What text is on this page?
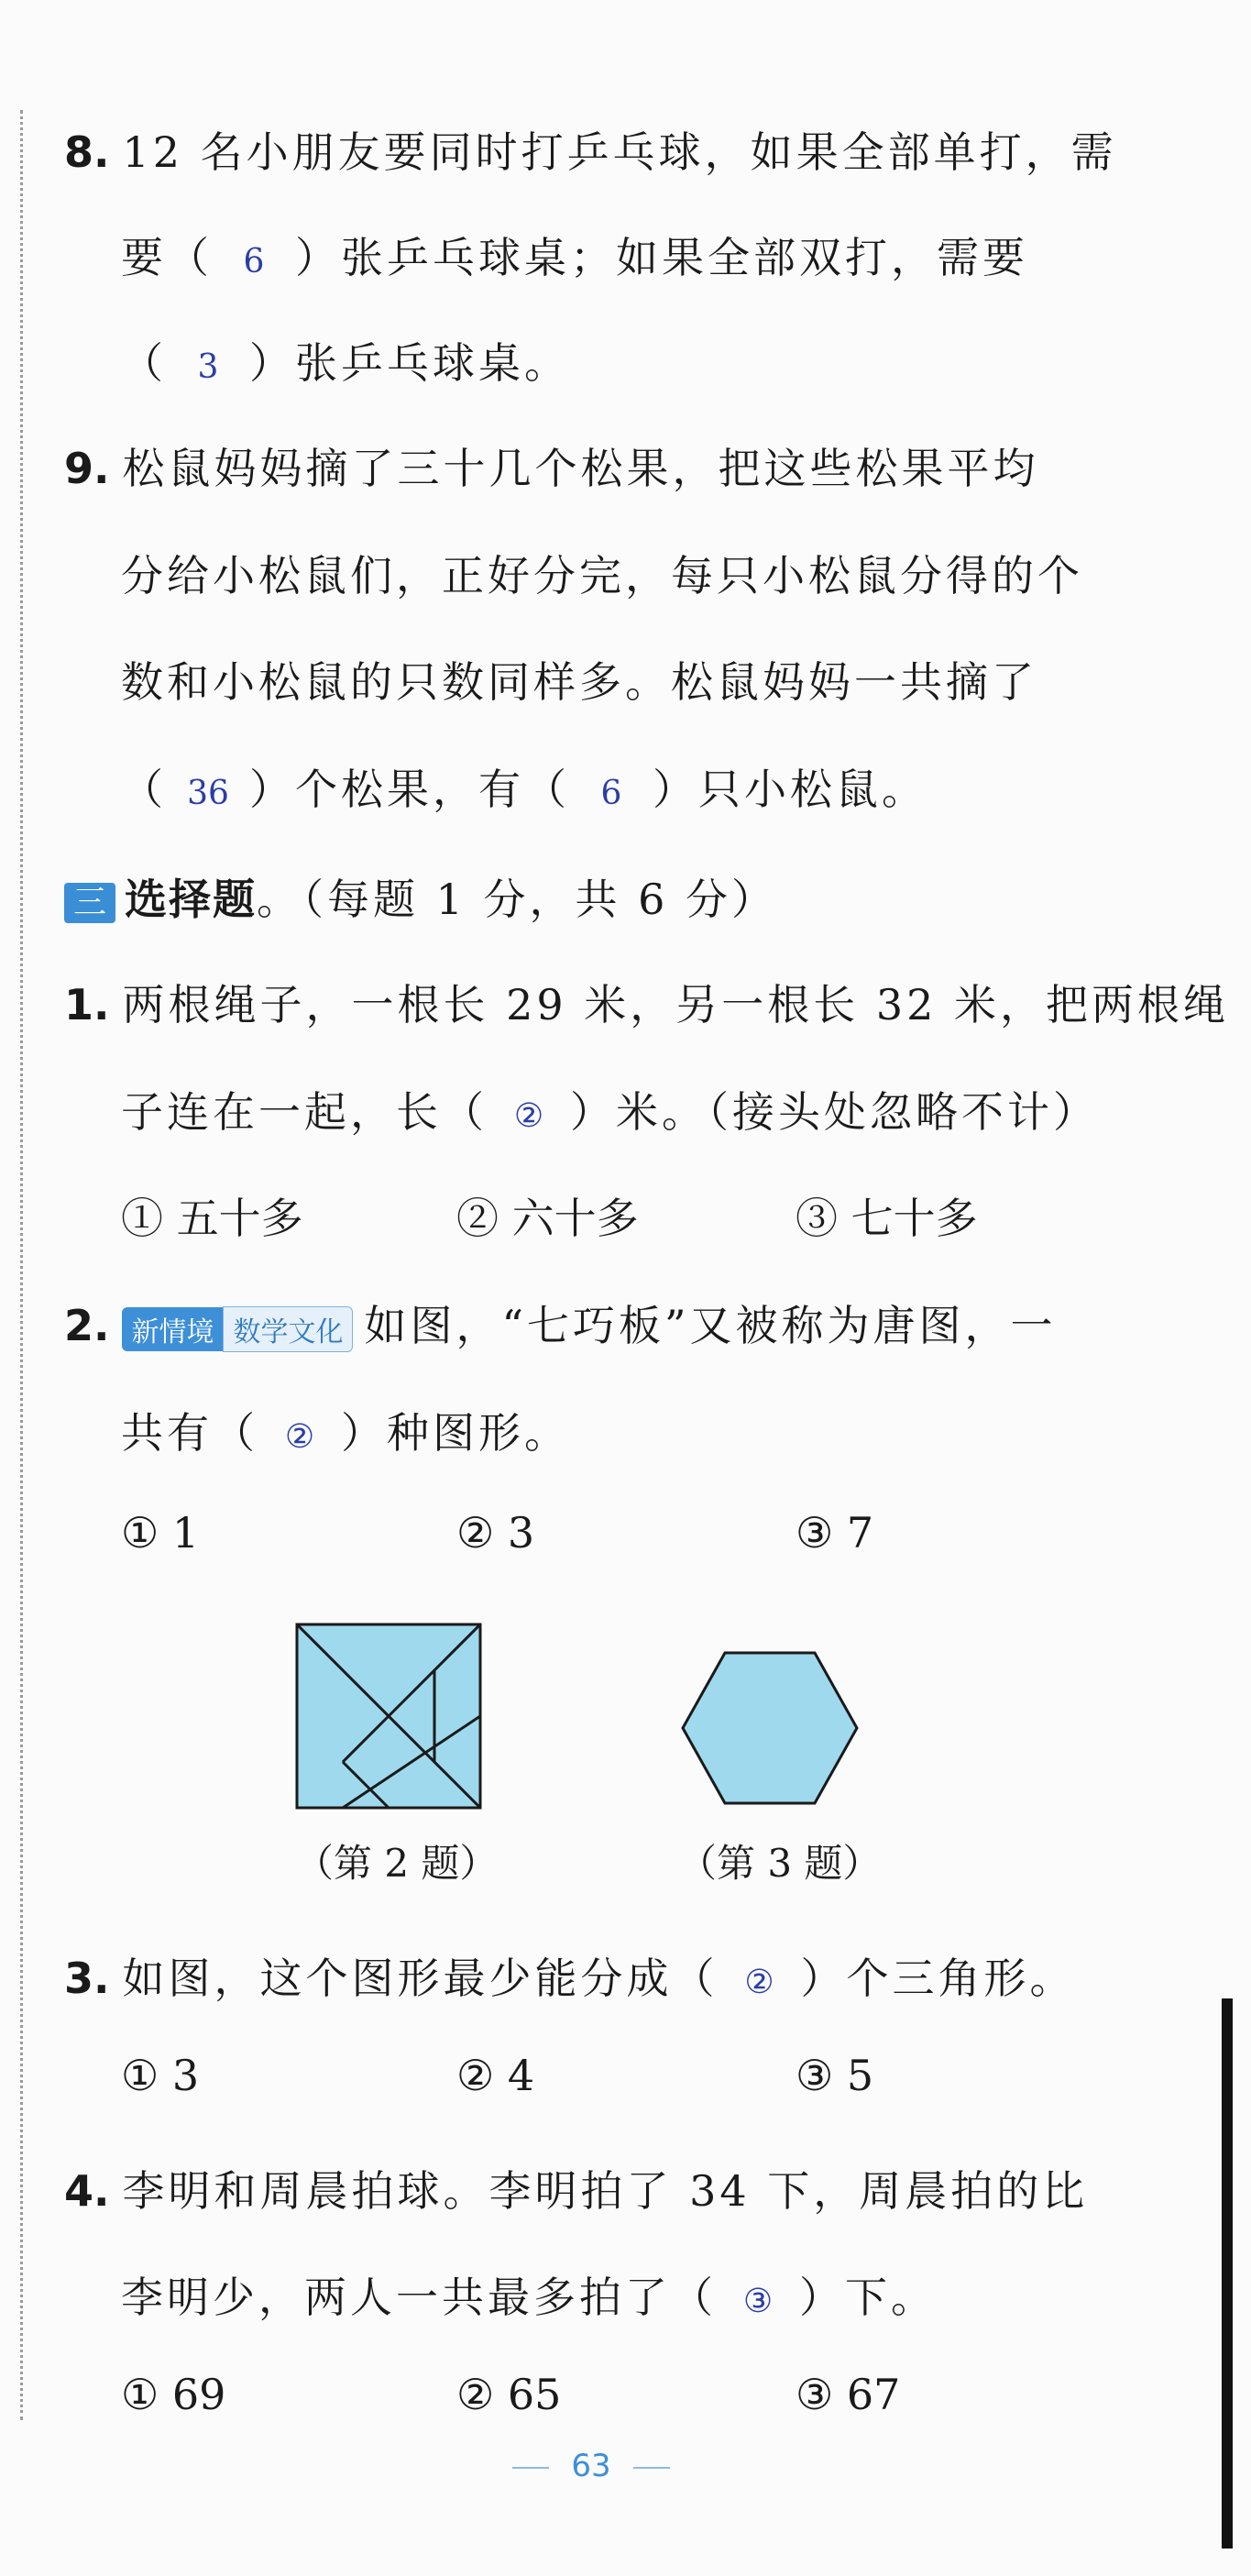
8. 12 名小朋友要同时打乒乓球，如果全部单打，需
要（ 6 ）张乒乓球桌；如果全部双打，需要
（ 3 ）张乒乓球桌。
9. 松鼠妈妈摘了三十几个松果，把这些松果平均
分给小松鼠们，正好分完，每只小松鼠分得的个
数和小松鼠的只数同样多。松鼠妈妈一共摘了
（ 36 ）个松果，有（ 6 ）只小松鼠。
三 选择题。（每题 1 分，共 6 分）
1. 两根绳子，一根长 29 米，另一根长 32 米，把两根绳
子连在一起，长（ ② ）米。（接头处忽略不计）
① 五十多	② 六十多	③ 七十多
2. 新情境 数学文化 如图，“七巧板”又被称为唐图，一
共有（ ② ）种图形。
① 1	② 3	③ 7
（第 2 题）	（第 3 题）
3. 如图，这个图形最少能分成（ ② ）个三角形。
① 3	② 4	③ 5
4. 李明和周晨拍球。李明拍了 34 下，周晨拍的比
李明少，两人一共最多拍了（ ③ ）下。
① 69	② 65	③ 67
63
